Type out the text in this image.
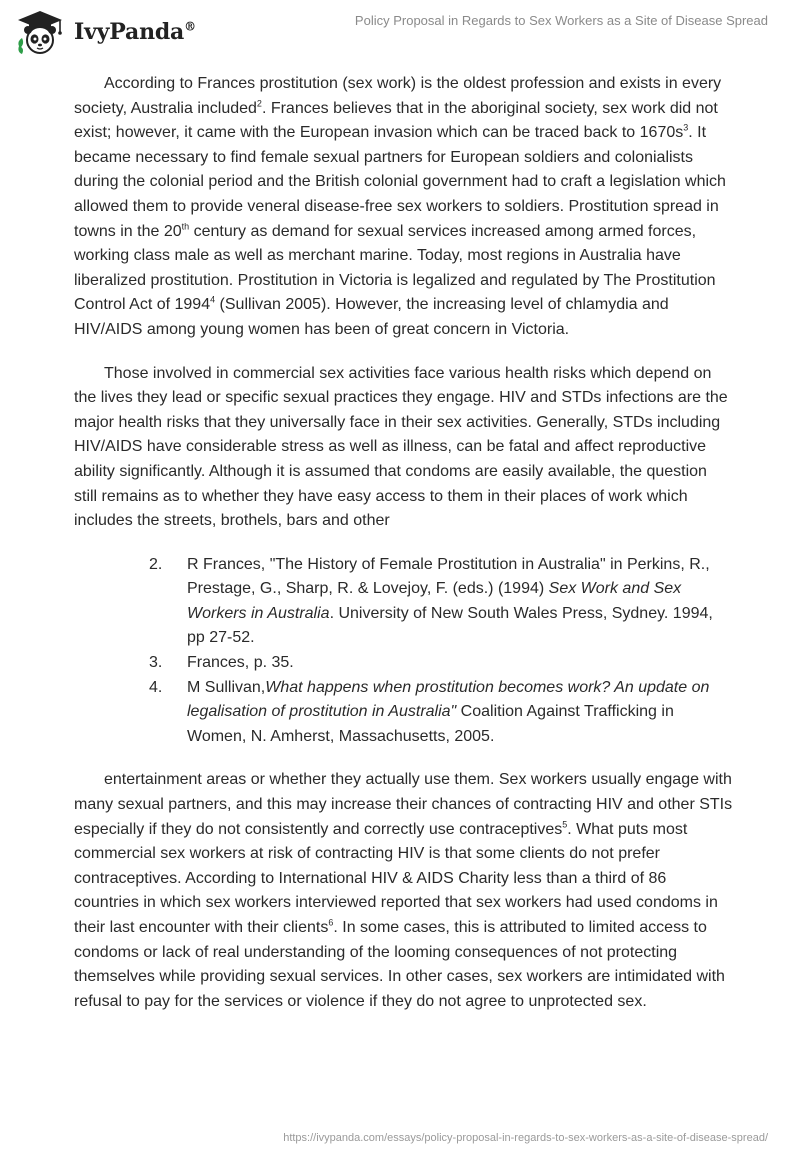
IvyPanda®	Policy Proposal in Regards to Sex Workers as a Site of Disease Spread

According to Frances prostitution (sex work) is the oldest profession and exists in every society, Australia included$^2$. Frances believes that in the aboriginal society, sex work did not exist; however, it came with the European invasion which can be traced back to $1670s^3$. It became necessary to find female sexual partners for European soldiers and colonialists during the colonial period and the British colonial government had to craft a legislation which allowed them to provide veneral disease-free sex workers to soldiers. Prostitution spread in towns in the 20th century as demand for sexual services increased among armed forces, working class male as well as merchant marine. Today, most regions in Australia have liberalized prostitution. Prostitution in Victoria is legalized and regulated by The Prostitution Control Act of 1994$^4$ (Sullivan 2005). However, the increasing level of chlamydia and HIV/AIDS among young women has been of great concern in Victoria.

Those involved in commercial sex activities face various health risks which depend on the lives they lead or specific sexual practices they engage. HIV and STDs infections are the major health risks that they universally face in their sex activities. Generally, STDs including HIV/AIDS have considerable stress as well as illness, can be fatal and affect reproductive ability significantly. Although it is assumed that condoms are easily available, the question still remains as to whether they have easy access to them in their places of work which includes the streets, brothels, bars and other

2.	R Frances, "The History of Female Prostitution in Australia" in Perkins, R., Prestage, G., Sharp, R. & Lovejoy, F. (eds.) (1994) Sex Work and Sex Workers in Australia. University of New South Wales Press, Sydney. 1994, pp 27-52.
3.	Frances, p. 35.
4.	M Sullivan,What happens when prostitution becomes work? An update on legalisation of prostitution in Australia" Coalition Against Trafficking in Women, N. Amherst, Massachusetts, 2005.

entertainment areas or whether they actually use them. Sex workers usually engage with many sexual partners, and this may increase their chances of contracting HIV and other STIs especially if they do not consistently and correctly use contraceptives$^5$. What puts most commercial sex workers at risk of contracting HIV is that some clients do not prefer contraceptives. According to International HIV & AIDS Charity less than a third of 86 countries in which sex workers interviewed reported that sex workers had used condoms in their last encounter with their clients$^6$. In some cases, this is attributed to limited access to condoms or lack of real understanding of the looming consequences of not protecting themselves while providing sexual services. In other cases, sex workers are intimidated with refusal to pay for the services or violence if they do not agree to unprotected sex.

https://ivypanda.com/essays/policy-proposal-in-regards-to-sex-workers-as-a-site-of-disease-spread/
